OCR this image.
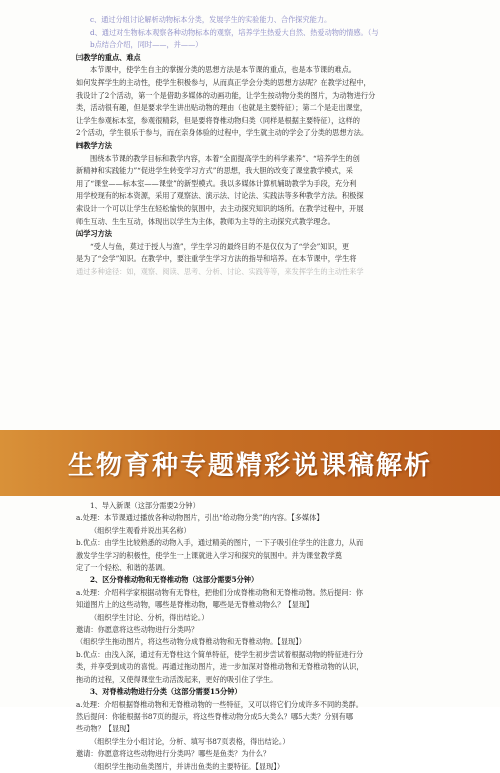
c、通过分组讨论解析动物标本分类，发展学生的实验能力、合作探究能力。

d、通过对生物标本观察各种动物标本的观察，培养学生热爱大自然、热爱动物的情感。（与

b点结合介绍，同时——，并——）

㈢教学的重点、难点

本节课中，使学生自主的掌握分类的思想方法是本节课的重点，也是本节课的难点。

如何发挥学生的主动性，使学生积极参与，从而真正学会分类的思想方法呢？在教学过程中，

我设计了2个活动，第一个是借助多媒体的动画功能，让学生按动物分类的图片，为动物进行分

类，活动很有趣，但是要求学生讲出贴动物的理由（也就是主要特征）；第二个是走出课堂，

让学生参观标本室，参观很精彩，但是要将脊椎动物归类（同样是根据主要特征），这样的

2个活动，学生很乐于参与，而在亲身体验的过程中，学生就主动的学会了分类的思想方法。

㈣教学方法

围绕本节课的教学目标和教学内容，本着“全面提高学生的科学素养”、“培养学生的创

新精神和实践能力”“促进学生转变学习方式”的思想，我大胆的改变了课堂教学模式，采

用了“课堂——标本室——课堂”的新型模式。我以多媒体计算机辅助教学为手段，充分利

用学校现有的标本资源，采用了观察法、演示法、讨论法、实践法等多种教学方法。积极探

索设计一个可以让学生在轻松愉快的氛围中，去主动探究知识的场所。在教学过程中，开展

师生互动、生生互动，体现出以学生为主体，教师为主导的主动探究式教学理念。

㈤学习方法

“受人与鱼，莫过于授人与渔”，学生学习的最终目的不是仅仅为了“学会”知识，更

是为了“会学”知识。在教学中，要注重学生学习方法的指导和培养。在本节课中，学生将

通过多种途径：如，观察、阅读、思考、分析、讨论、实践等等，来发挥学生的主动性来学

生物育种专题精彩说课稿解析

1、导入新课（这部分需要2分钟）

a.处理：本节课通过播放各种动物图片，引出“给动物分类”的内容。【多媒体】

（组织学生观看并说出其名称）

b.优点：由学生比较熟悉的动物入手，通过精美的图片，一下子吸引住学生的注意力，从而

激发学生学习的积极性，使学生一上课就进入学习和探究的氛围中。并为课堂教学奠

定了一个轻松、和谐的基调。

2、区分脊椎动物和无脊椎动物（这部分需要5分钟）

a.处理：介绍科学家根据动物有无脊柱，把他们分成脊椎动物和无脊椎动物。然后提问：你

知道图片上的这些动物，哪些是脊椎动物，哪些是无脊椎动物么？【显现】

（组织学生讨论、分析，得出结论。）

邀请：你愿意将这些动物进行分类吗？

（组织学生拖动图片，将这些动物分成脊椎动物和无脊椎动物。【显现】）

b.优点：由浅入深，通过有无脊柱这个简单特征，使学生初步尝试着根据动物的特征进行分

类，并享受到成功的喜悦。再通过拖动图片，进一步加深对脊椎动物和无脊椎动物的认识，

拖动的过程，又使得课堂生动活泼起来，更好的吸引住了学生。

3、对脊椎动物进行分类（这部分需要15分钟）

a.处理：介绍根据脊椎动物和无脊椎动物的一些特征，又可以将它们分成许多不同的类群。

然后提问：你能根据书87页的提示，将这些脊椎动物分成5大类么？哪5大类？分别有哪

些动物？【显现】

（组织学生分小组讨论，分析、填写书87页表格，得出结论。）

邀请：你愿意将这些动物进行分类吗？哪些是鱼类？为什么？

（组织学生拖动鱼类图片，并讲出鱼类的主要特征。【显现】）
